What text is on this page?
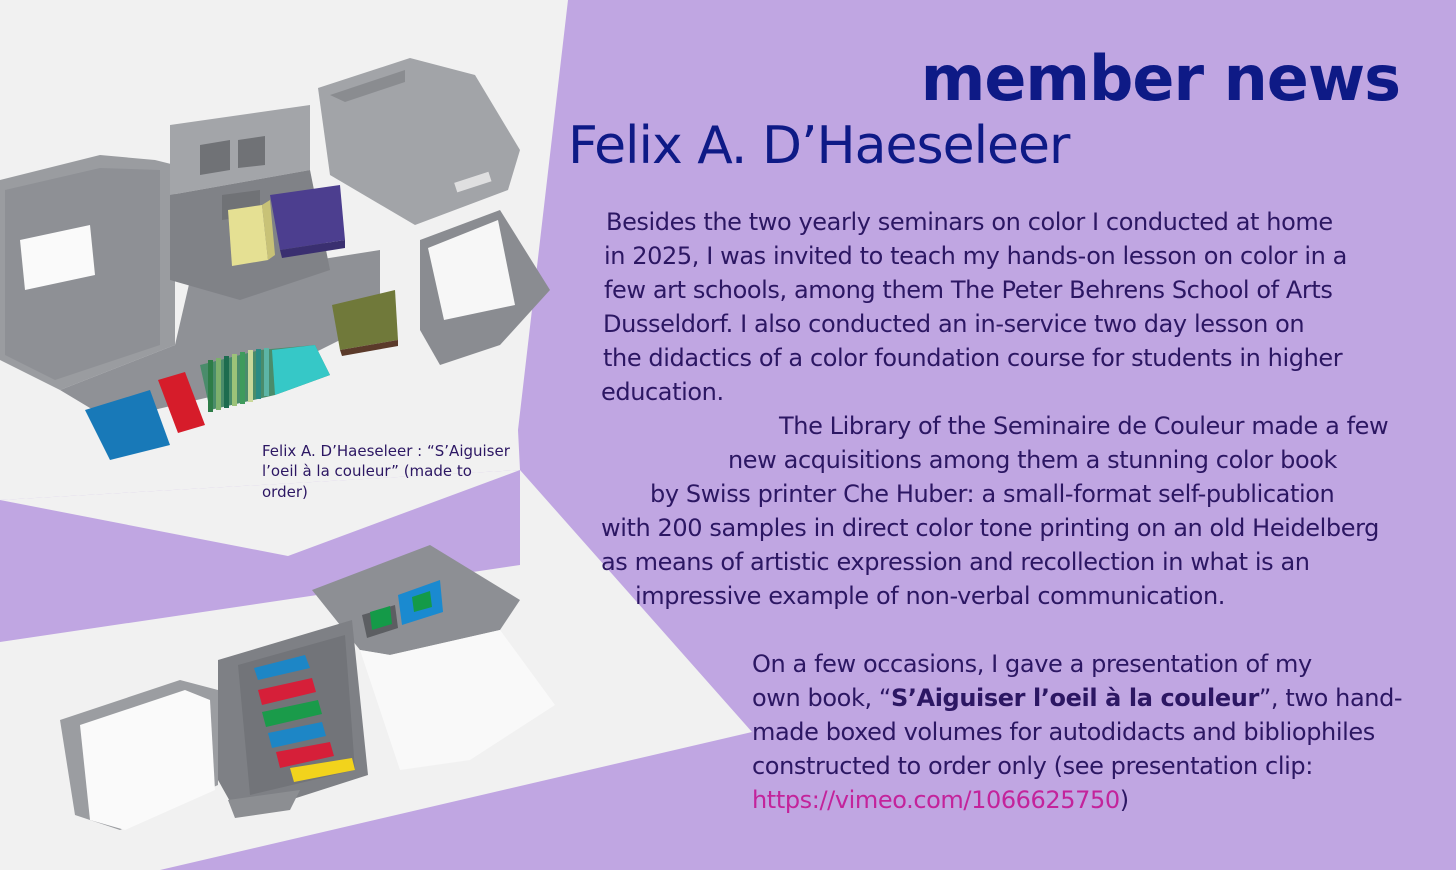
member news
Felix A. D’Haeseleer
Besides the two yearly seminars on color I conducted at home
in 2025, I was invited to teach my hands-on lesson on color in a
few art schools, among them The Peter Behrens School of Arts
Dusseldorf. I also conducted an in-service two day lesson on
the didactics of a color foundation course for students in higher
education.
The Library of the Seminaire de Couleur made a few
new acquisitions among them a stunning color book
by Swiss printer Che Huber: a small-format self-publication
with 200 samples in direct color tone printing on an old Heidelberg
as means of artistic expression and recollection in what is an
impressive example of non-verbal communication.
On a few occasions, I gave a presentation of my
own book, “S’Aiguiser l’oeil à la couleur”, two hand-
made boxed volumes for autodidacts and bibliophiles
constructed to order only (see presentation clip:
https://vimeo.com/1066625750)
Felix A. D’Haeseleer : “S’Aiguiser
l’oeil à la couleur” (made to
order)
